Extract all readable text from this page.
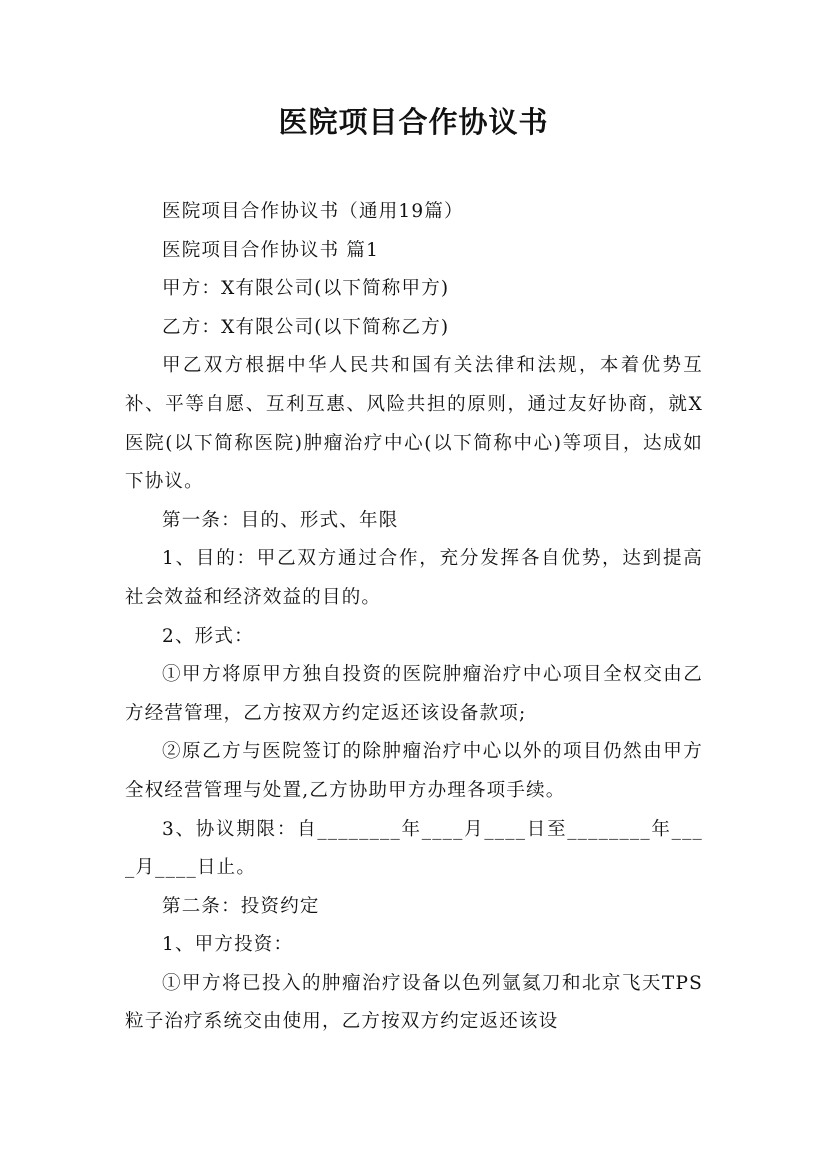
医院项目合作协议书

医院项目合作协议书（通用19篇）

医院项目合作协议书 篇1

甲方：X有限公司(以下简称甲方)

乙方：X有限公司(以下简称乙方)

甲乙双方根据中华人民共和国有关法律和法规，本着优势互补、平等自愿、互利互惠、风险共担的原则，通过友好协商，就X医院(以下简称医院)肿瘤治疗中心(以下简称中心)等项目，达成如下协议。

第一条：目的、形式、年限

1、目的：甲乙双方通过合作，充分发挥各自优势，达到提高社会效益和经济效益的目的。

2、形式：

①甲方将原甲方独自投资的医院肿瘤治疗中心项目全权交由乙方经营管理，乙方按双方约定返还该设备款项;

②原乙方与医院签订的除肿瘤治疗中心以外的项目仍然由甲方全权经营管理与处置,乙方协助甲方办理各项手续。

3、协议期限：自________年____月____日至________年____月____日止。

第二条：投资约定

1、甲方投资：

①甲方将已投入的肿瘤治疗设备以色列氩氦刀和北京飞天TPS粒子治疗系统交由使用，乙方按双方约定返还该设
